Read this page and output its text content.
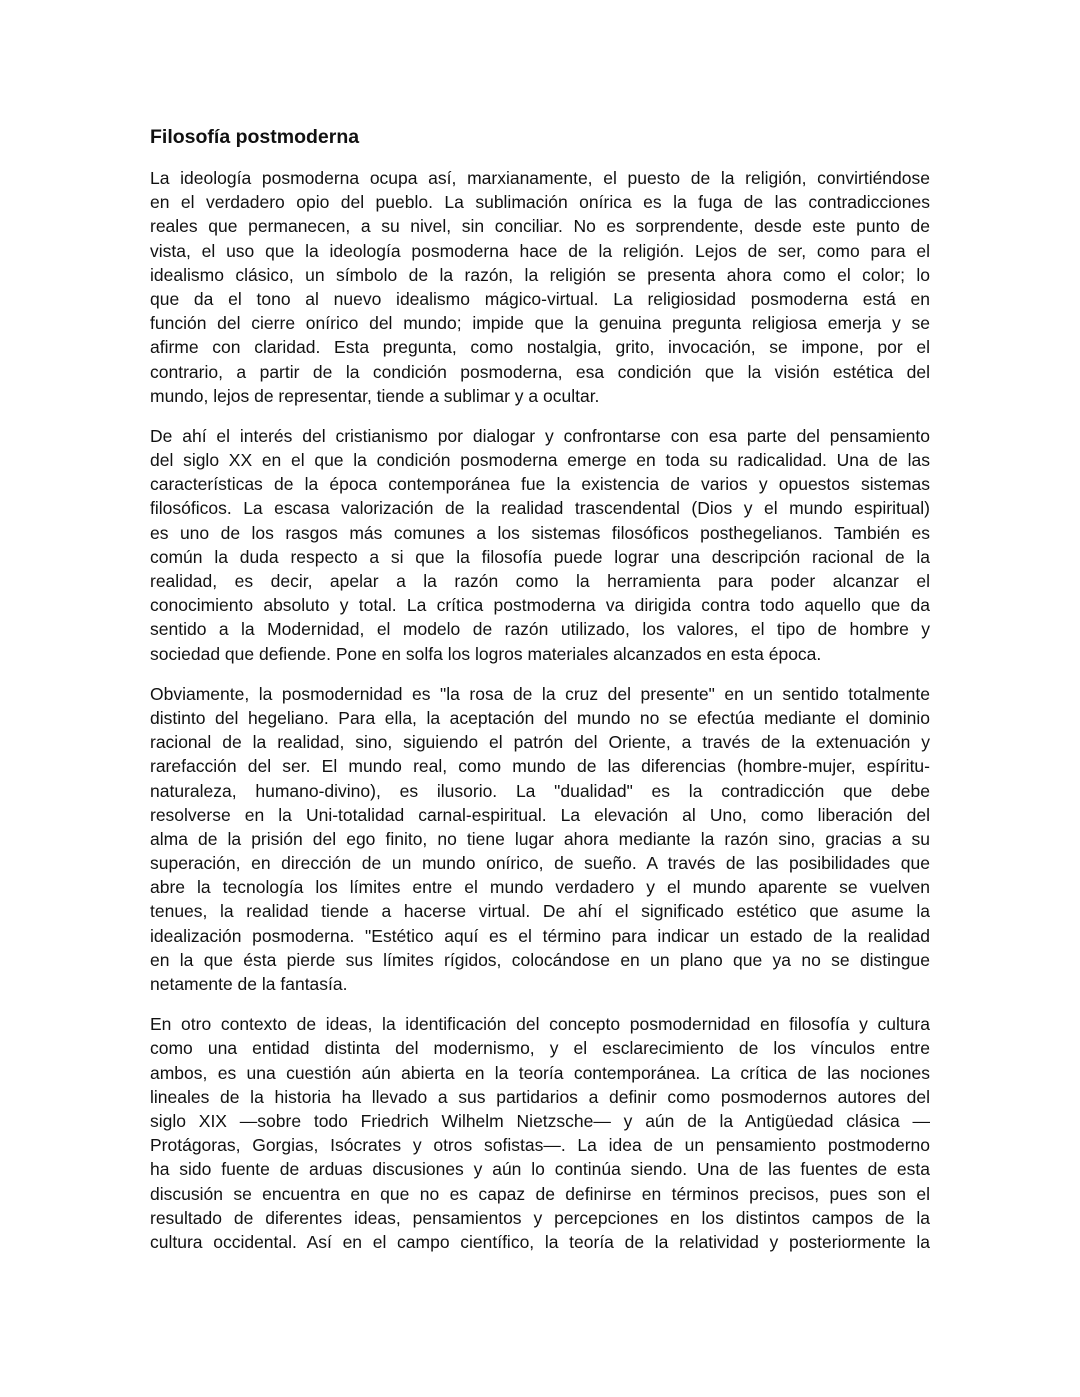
Filosofía postmoderna
La ideología posmoderna ocupa así, marxianamente, el puesto de la religión, convirtiéndose
en el verdadero opio del pueblo. La sublimación onírica es la fuga de las contradicciones
reales que permanecen, a su nivel, sin conciliar. No es sorprendente, desde este punto de
vista, el uso que la ideología posmoderna hace de la religión. Lejos de ser, como para el
idealismo clásico, un símbolo de la razón, la religión se presenta ahora como el color; lo
que da el tono al nuevo idealismo mágico-virtual. La religiosidad posmoderna está en
función del cierre onírico del mundo; impide que la genuina pregunta religiosa emerja y se
afirme con claridad. Esta pregunta, como nostalgia, grito, invocación, se impone, por el
contrario, a partir de la condición posmoderna, esa condición que la visión estética del
mundo, lejos de representar, tiende a sublimar y a ocultar.
De ahí el interés del cristianismo por dialogar y confrontarse con esa parte del pensamiento
del siglo XX en el que la condición posmoderna emerge en toda su radicalidad. Una de las
características de la época contemporánea fue la existencia de varios y opuestos sistemas
filosóficos. La escasa valorización de la realidad trascendental (Dios y el mundo espiritual)
es uno de los rasgos más comunes a los sistemas filosóficos posthegelianos. También es
común la duda respecto a si que la filosofía puede lograr una descripción racional de la
realidad, es decir, apelar a la razón como la herramienta para poder alcanzar el
conocimiento absoluto y total. La crítica postmoderna va dirigida contra todo aquello que da
sentido a la Modernidad, el modelo de razón utilizado, los valores, el tipo de hombre y
sociedad que defiende. Pone en solfa los logros materiales alcanzados en esta época.
Obviamente, la posmodernidad es "la rosa de la cruz del presente" en un sentido totalmente
distinto del hegeliano. Para ella, la aceptación del mundo no se efectúa mediante el dominio
racional de la realidad, sino, siguiendo el patrón del Oriente, a través de la extenuación y
rarefacción del ser. El mundo real, como mundo de las diferencias (hombre-mujer, espíritu-
naturaleza, humano-divino), es ilusorio. La "dualidad" es la contradicción que debe
resolverse en la Uni-totalidad carnal-espiritual. La elevación al Uno, como liberación del
alma de la prisión del ego finito, no tiene lugar ahora mediante la razón sino, gracias a su
superación, en dirección de un mundo onírico, de sueño. A través de las posibilidades que
abre la tecnología los límites entre el mundo verdadero y el mundo aparente se vuelven
tenues, la realidad tiende a hacerse virtual. De ahí el significado estético que asume la
idealización posmoderna. "Estético aquí es el término para indicar un estado de la realidad
en la que ésta pierde sus límites rígidos, colocándose en un plano que ya no se distingue
netamente de la fantasía.
En otro contexto de ideas, la identificación del concepto posmodernidad en filosofía y cultura
como una entidad distinta del modernismo, y el esclarecimiento de los vínculos entre
ambos, es una cuestión aún abierta en la teoría contemporánea. La crítica de las nociones
lineales de la historia ha llevado a sus partidarios a definir como posmodernos autores del
siglo XIX —sobre todo Friedrich Wilhelm Nietzsche— y aún de la Antigüedad clásica —
Protágoras, Gorgias, Isócrates y otros sofistas—. La idea de un pensamiento postmoderno
ha sido fuente de arduas discusiones y aún lo continúa siendo. Una de las fuentes de esta
discusión se encuentra en que no es capaz de definirse en términos precisos, pues son el
resultado de diferentes ideas, pensamientos y percepciones en los distintos campos de la
cultura occidental. Así en el campo científico, la teoría de la relatividad y posteriormente la
